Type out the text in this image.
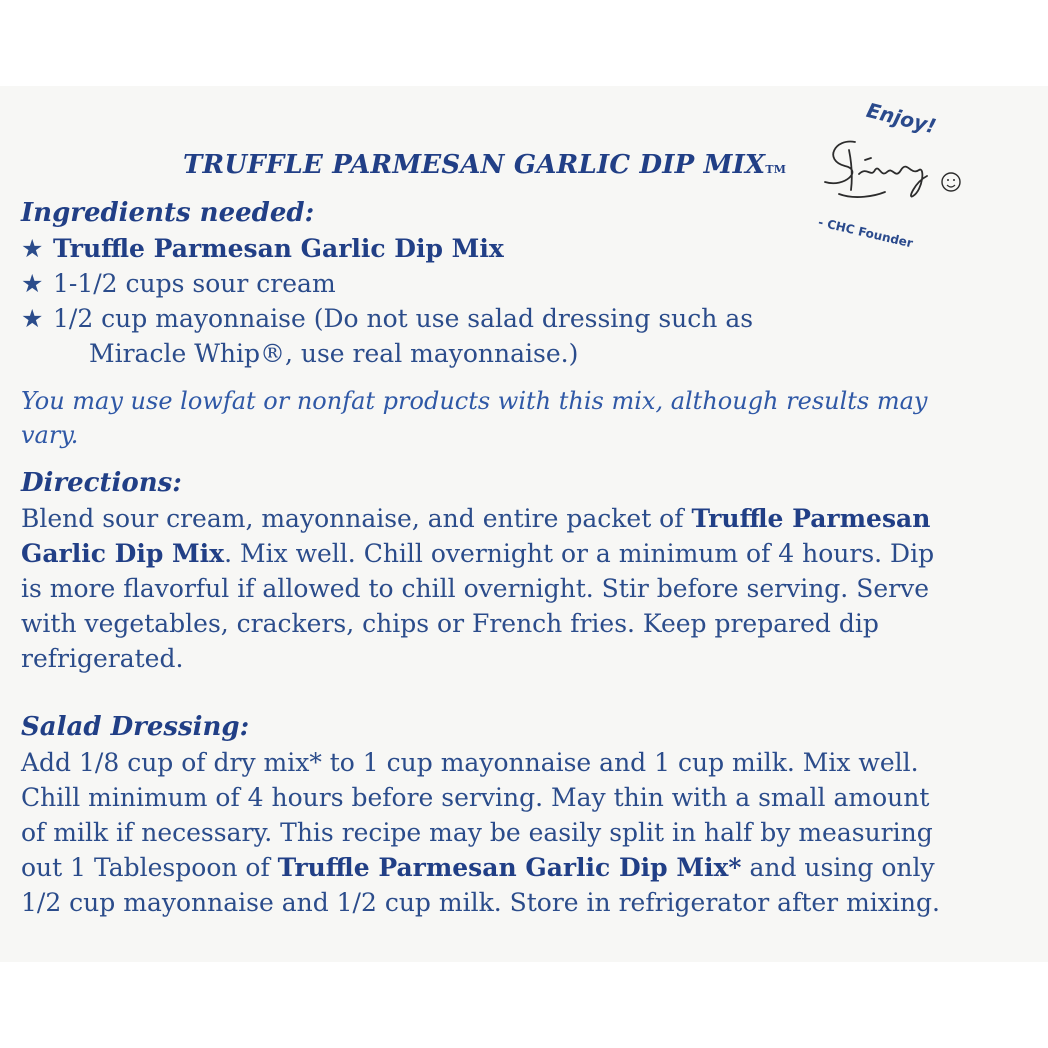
TRUFFLE PARMESAN GARLIC DIP MIXTM
Enjoy!
- CHC Founder
Ingredients needed:
★ Truffle Parmesan Garlic Dip Mix
★ 1-1/2 cups sour cream
★ 1/2 cup mayonnaise (Do not use salad dressing such as
Miracle Whip®, use real mayonnaise.)
You may use lowfat or nonfat products with this mix, although results may vary.
Directions:
Blend sour cream, mayonnaise, and entire packet of Truffle Parmesan Garlic Dip Mix. Mix well. Chill overnight or a minimum of 4 hours. Dip is more flavorful if allowed to chill overnight. Stir before serving. Serve with vegetables, crackers, chips or French fries. Keep prepared dip refrigerated.
Salad Dressing:
Add 1/8 cup of dry mix* to 1 cup mayonnaise and 1 cup milk. Mix well. Chill minimum of 4 hours before serving. May thin with a small amount of milk if necessary. This recipe may be easily split in half by measuring out 1 Tablespoon of Truffle Parmesan Garlic Dip Mix* and using only 1/2 cup mayonnaise and 1/2 cup milk. Store in refrigerator after mixing.
